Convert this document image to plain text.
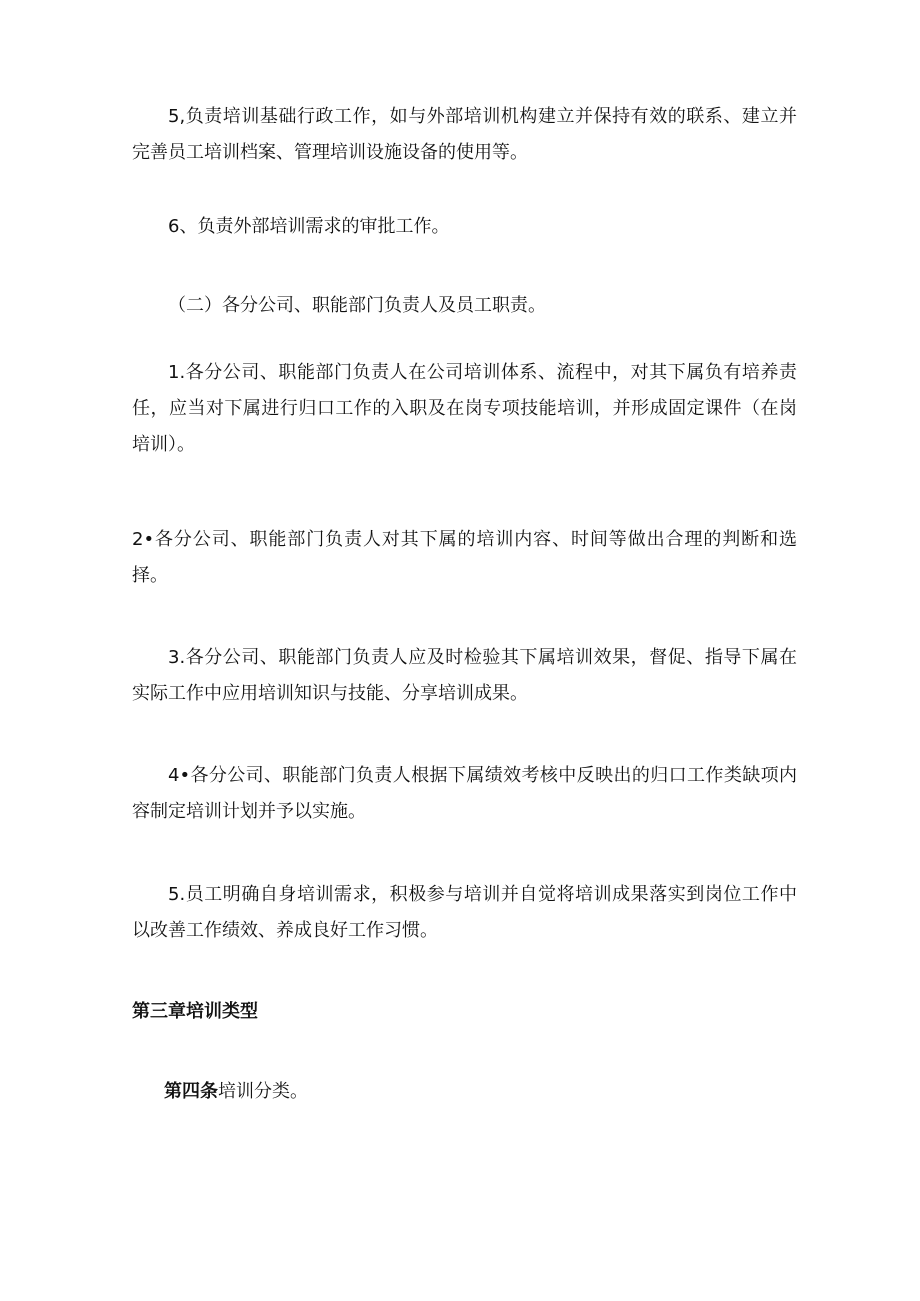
5,负责培训基础行政工作，如与外部培训机构建立并保持有效的联系、建立并完善员工培训档案、管理培训设施设备的使用等。

6、负责外部培训需求的审批工作。

（二）各分公司、职能部门负责人及员工职责。

1.各分公司、职能部门负责人在公司培训体系、流程中，对其下属负有培养责任，应当对下属进行归口工作的入职及在岗专项技能培训，并形成固定课件（在岗培训）。

2•各分公司、职能部门负责人对其下属的培训内容、时间等做出合理的判断和选择。

3.各分公司、职能部门负责人应及时检验其下属培训效果，督促、指导下属在实际工作中应用培训知识与技能、分享培训成果。

4•各分公司、职能部门负责人根据下属绩效考核中反映出的归口工作类缺项内容制定培训计划并予以实施。

5.员工明确自身培训需求，积极参与培训并自觉将培训成果落实到岗位工作中以改善工作绩效、养成良好工作习惯。

第三章培训类型

第四条培训分类。
